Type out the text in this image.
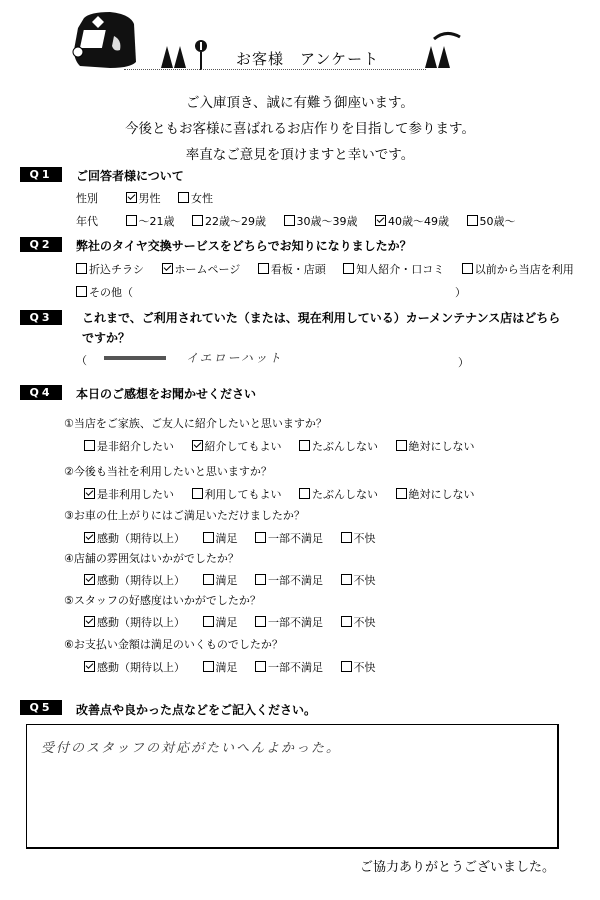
お客様　アンケート
ご入庫頂き、誠に有難う御座います。
今後ともお客様に喜ばれるお店作りを目指して参ります。
率直なご意見を頂けますと幸いです。
Q1	ご回答者様について
性別	男性	女性
年代	～21歳	22歳～29歳	30歳～39歳	40歳～49歳	50歳～
Q2	弊社のタイヤ交換サービスをどちらでお知りになりましたか？
折込チラシ	ホームページ	看板・店頭	知人紹介・口コミ	以前から当店を利用
その他（	）
Q3	これまで、ご利用されていた（または、現在利用している）カーメンテナンス店はどちら
ですか？
（	イエローハット	）
Q4	本日のご感想をお聞かせください
①当店をご家族、ご友人に紹介したいと思いますか？
是非紹介したい	紹介してもよい	たぶんしない	絶対にしない
②今後も当社を利用したいと思いますか？
是非利用したい	利用してもよい	たぶんしない	絶対にしない
③お車の仕上がりにはご満足いただけましたか？
感動（期待以上）	満足	一部不満足	不快
④店舗の雰囲気はいかがでしたか？
感動（期待以上）	満足	一部不満足	不快
⑤スタッフの好感度はいかがでしたか？
感動（期待以上）	満足	一部不満足	不快
⑥お支払い金額は満足のいくものでしたか？
感動（期待以上）	満足	一部不満足	不快
Q5	改善点や良かった点などをご記入ください。
受付のスタッフの対応がたいへんよかった。
ご協力ありがとうございました。
